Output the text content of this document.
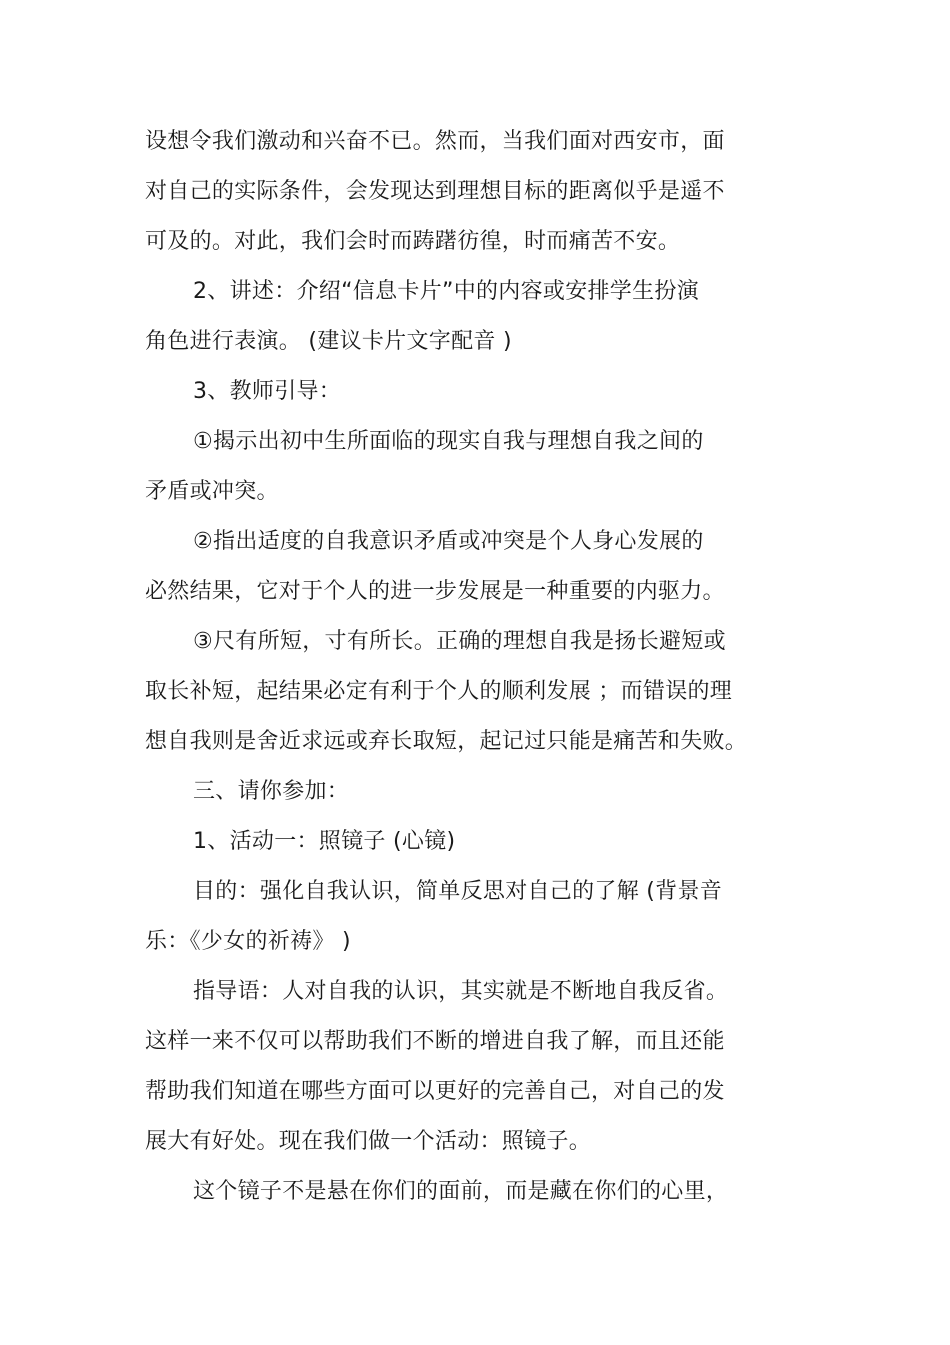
设想令我们激动和兴奋不已。然而，当我们面对西安市，面
对自己的实际条件，会发现达到理想目标的距离似乎是遥不
可及的。对此，我们会时而踌躇彷徨，时而痛苦不安。
2、讲述：介绍“信息卡片”中的内容或安排学生扮演
角色进行表演。 (建议卡片文字配音 )
3、教师引导：
①揭示出初中生所面临的现实自我与理想自我之间的
矛盾或冲突。
②指出适度的自我意识矛盾或冲突是个人身心发展的
必然结果，它对于个人的进一步发展是一种重要的内驱力。
③尺有所短，寸有所长。正确的理想自我是扬长避短或
取长补短，起结果必定有利于个人的顺利发展 ；而错误的理
想自我则是舍近求远或弃长取短，起记过只能是痛苦和失败。
三、请你参加：
1、活动一：照镜子 (心镜)
目的：强化自我认识，简单反思对自己的了解 (背景音
乐：《少女的祈祷》 )
指导语：人对自我的认识，其实就是不断地自我反省。
这样一来不仅可以帮助我们不断的增进自我了解，而且还能
帮助我们知道在哪些方面可以更好的完善自己，对自己的发
展大有好处。现在我们做一个活动：照镜子。
这个镜子不是悬在你们的面前，而是藏在你们的心里，
